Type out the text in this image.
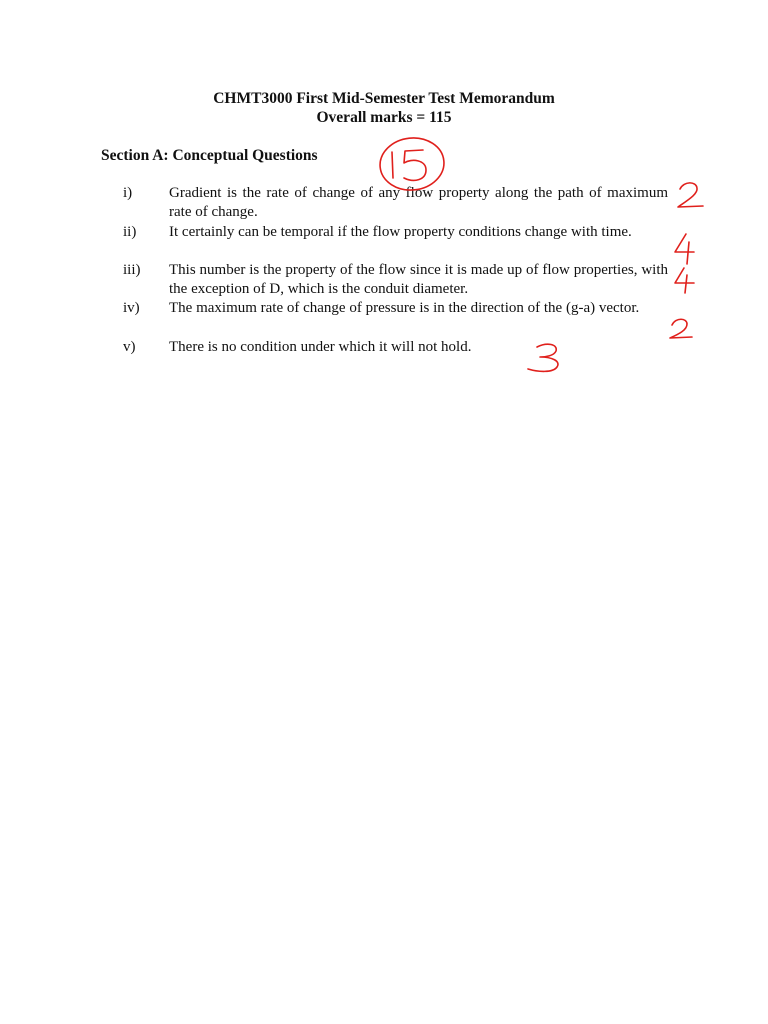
CHMT3000 First Mid-Semester Test Memorandum
Overall marks = 115
Section A: Conceptual Questions
i) Gradient is the rate of change of any flow property along the path of maximum rate of change.
ii) It certainly can be temporal if the flow property conditions change with time.
iii) This number is the property of the flow since it is made up of flow properties, with the exception of D, which is the conduit diameter.
iv) The maximum rate of change of pressure is in the direction of the (g-a) vector.
v) There is no condition under which it will not hold.
